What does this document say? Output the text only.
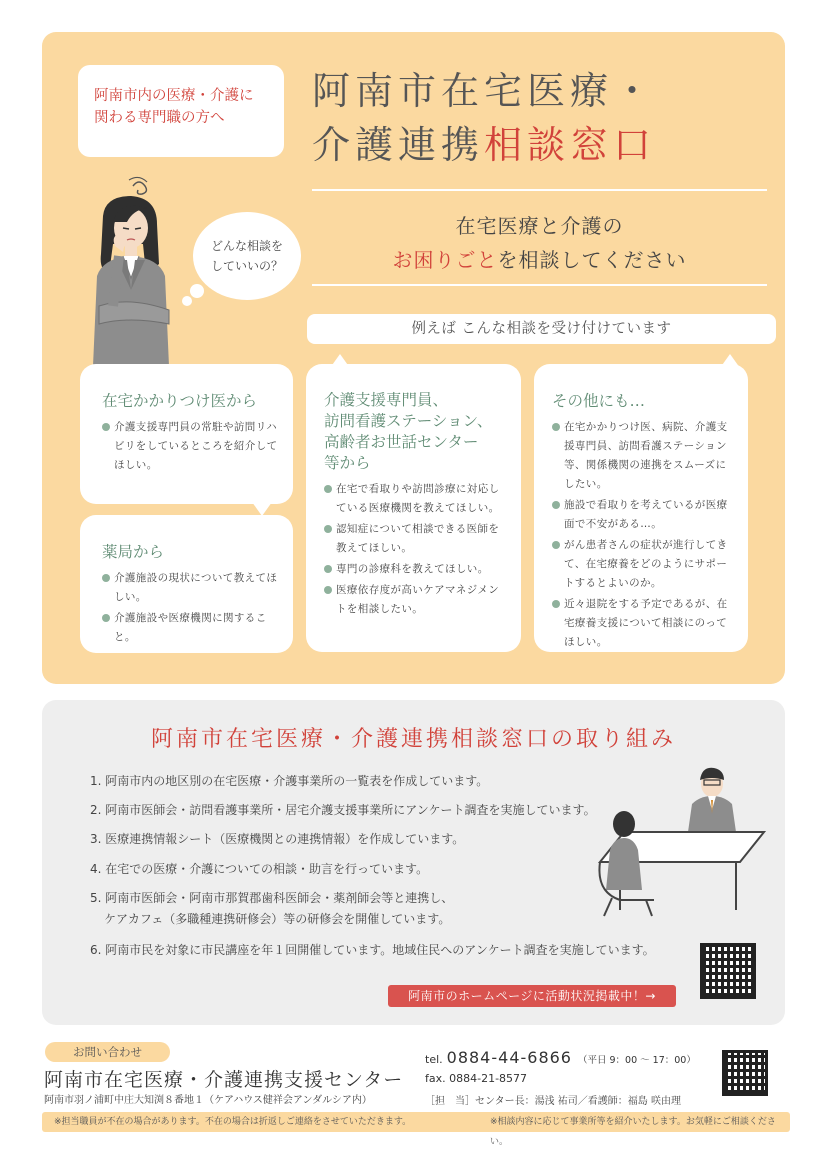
阿南市内の医療・介護に
関わる専門職の方へ
阿南市在宅医療・
介護連携相談窓口
在宅医療と介護の
お困りごとを相談してください
どんな相談を
していいの？
例えば こんな相談を受け付けています
在宅かかりつけ医から
介護支援専門員の常駐や訪問リハビリをしているところを紹介してほしい。
薬局から
介護施設の現状について教えてほしい。
介護施設や医療機関に関すること。
介護支援専門員、
訪問看護ステーション、
高齢者お世話センター
等から
在宅で看取りや訪問診療に対応している医療機関を教えてほしい。
認知症について相談できる医師を教えてほしい。
専門の診療科を教えてほしい。
医療依存度が高いケアマネジメントを相談したい。
その他にも…
在宅かかりつけ医、病院、介護支援専門員、訪問看護ステーション等、関係機関の連携をスムーズにしたい。
施設で看取りを考えているが医療面で不安がある…。
がん患者さんの症状が進行してきて、在宅療養をどのようにサポートするとよいのか。
近々退院をする予定であるが、在宅療養支援について相談にのってほしい。
阿南市在宅医療・介護連携相談窓口の取り組み
1. 阿南市内の地区別の在宅医療・介護事業所の一覧表を作成しています。
2. 阿南市医師会・訪問看護事業所・居宅介護支援事業所にアンケート調査を実施しています。
3. 医療連携情報シート（医療機関との連携情報）を作成しています。
4. 在宅での医療・介護についての相談・助言を行っています。
5. 阿南市医師会・阿南市那賀郡歯科医師会・薬剤師会等と連携し、
ケアカフェ（多職種連携研修会）等の研修会を開催しています。
6. 阿南市民を対象に市民講座を年１回開催しています。地域住民へのアンケート調査を実施しています。
阿南市のホームページに活動状況掲載中！→
お問い合わせ
阿南市在宅医療・介護連携支援センター
阿南市羽ノ浦町中庄大知渕８番地１（ケアハウス健祥会アンダルシア内）
tel. 0884-44-6866 （平日 9：00 ～ 17：00）
fax. 0884-21-8577
［担　当］センター長：湯浅 祐司／看護師：福島 咲由理
※担当職員が不在の場合があります。不在の場合は折返しご連絡をさせていただきます。	※相談内容に応じて事業所等を紹介いたします。お気軽にご相談ください。
